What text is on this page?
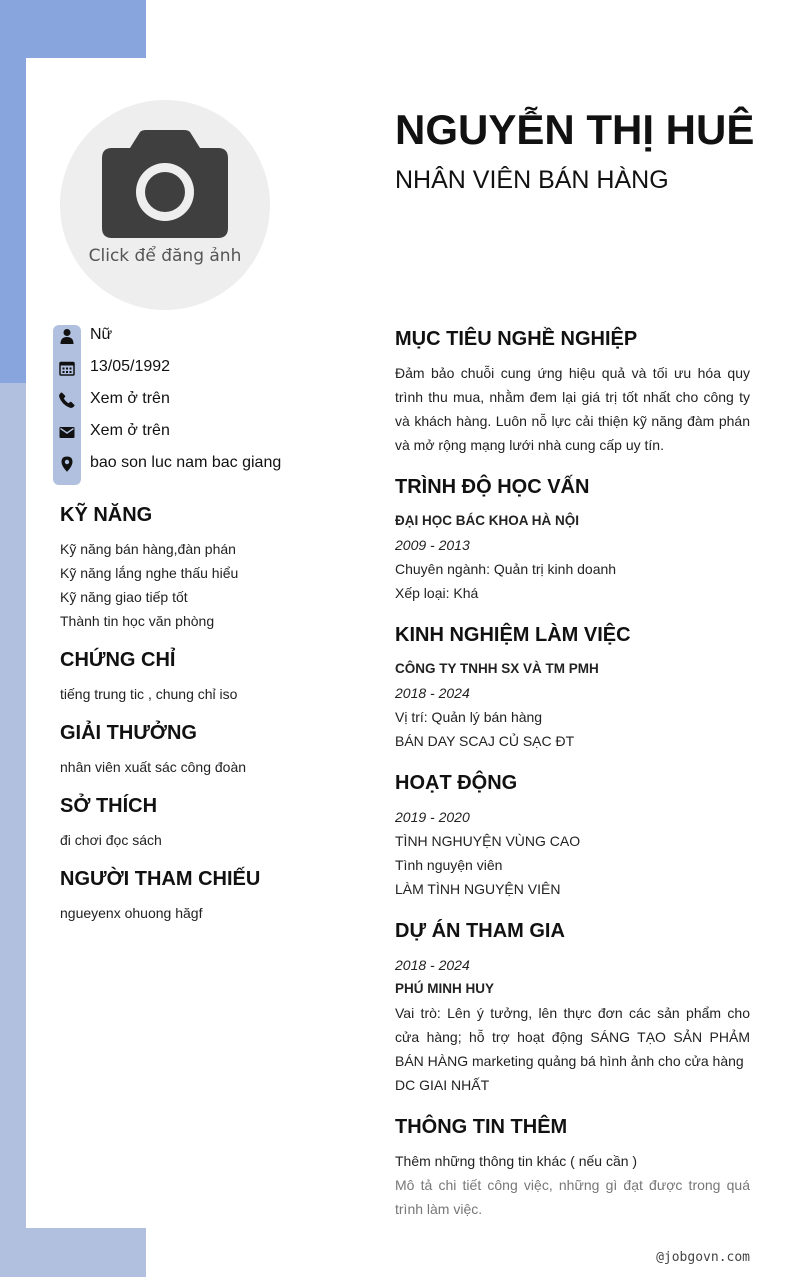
Click để đăng ảnh
NGUYỄN THỊ HUÊ
NHÂN VIÊN BÁN HÀNG
Nữ
13/05/1992
Xem ở trên
Xem ở trên
bao son luc nam bac giang
KỸ NĂNG
Kỹ năng bán hàng,đàn phán
Kỹ năng lắng nghe thấu hiểu
Kỹ năng giao tiếp tốt
Thành tin học văn phòng
CHỨNG CHỈ
tiếng trung tic , chung chỉ iso
GIẢI THƯỞNG
nhân viên xuất sác công đoàn
SỞ THÍCH
đi chơi đọc sách
NGƯỜI THAM CHIẾU
ngueyenx ohuong hăgf
MỤC TIÊU NGHỀ NGHIỆP
Đảm bảo chuỗi cung ứng hiệu quả và tối ưu hóa quy trình thu mua, nhằm đem lại giá trị tốt nhất cho công ty và khách hàng. Luôn nỗ lực cải thiện kỹ năng đàm phán và mở rộng mạng lưới nhà cung cấp uy tín.
TRÌNH ĐỘ HỌC VẤN
ĐẠI HỌC BÁC KHOA HÀ NỘI
2009 - 2013
Chuyên ngành: Quản trị kinh doanh
Xếp loại: Khá
KINH NGHIỆM LÀM VIỆC
CÔNG TY TNHH SX VÀ TM PMH
2018 - 2024
Vị trí: Quản lý bán hàng
BÁN DAY SCAJ CỦ SẠC ĐT
HOẠT ĐỘNG
2019 - 2020
TÌNH NGHUYỆN VÙNG CAO
Tình nguyện viên
LÀM TÌNH NGUYỆN VIÊN
DỰ ÁN THAM GIA
2018 - 2024
PHÚ MINH HUY
Vai trò: Lên ý tưởng, lên thực đơn các sản phẩm cho cửa hàng; hỗ trợ hoạt động SÁNG TẠO SẢN PHẢM BÁN HÀNG marketing quảng bá hình ảnh cho cửa hàng
DC GIAI NHẤT
THÔNG TIN THÊM
Thêm những thông tin khác ( nếu cần )
Mô tả chi tiết công việc, những gì đạt được trong quá trình làm việc.
@jobgovn.com
